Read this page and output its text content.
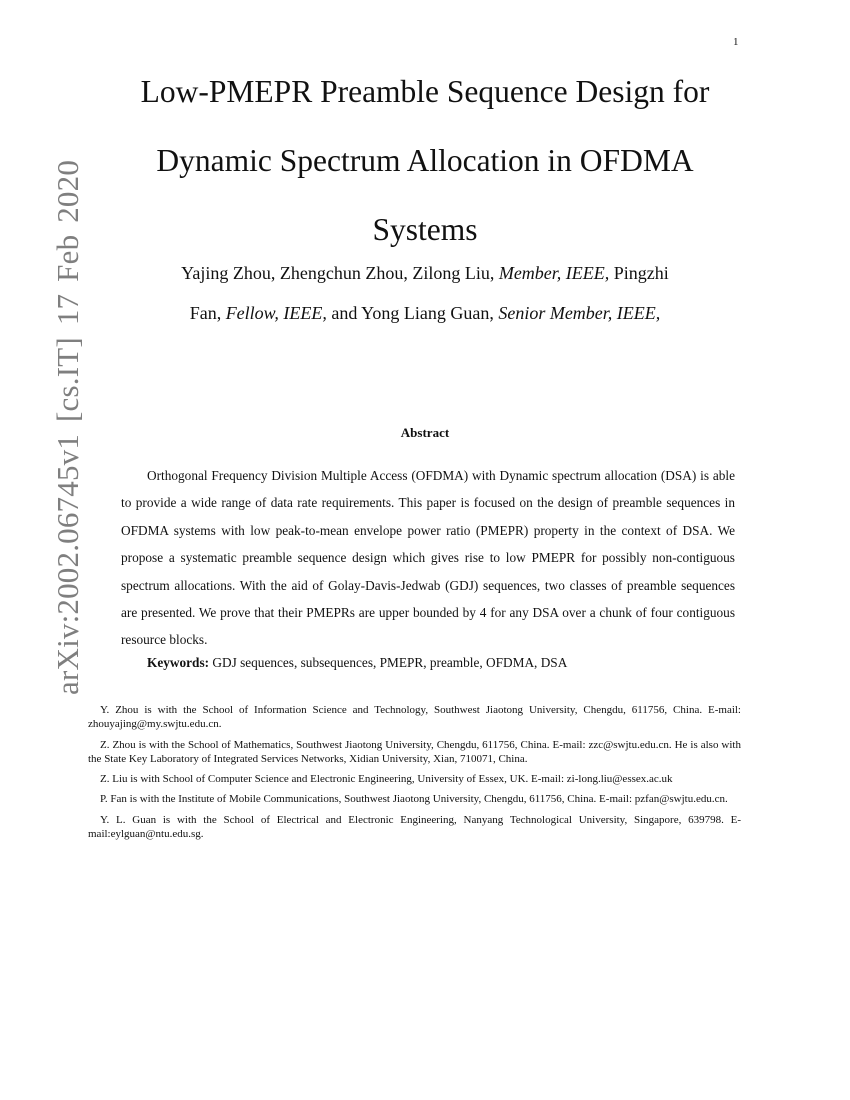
1
arXiv:2002.06745v1 [cs.IT] 17 Feb 2020
Low-PMEPR Preamble Sequence Design for
Dynamic Spectrum Allocation in OFDMA
Systems
Yajing Zhou, Zhengchun Zhou, Zilong Liu, Member, IEEE, Pingzhi
Fan, Fellow, IEEE, and Yong Liang Guan, Senior Member, IEEE,
Abstract

Orthogonal Frequency Division Multiple Access (OFDMA) with Dynamic spectrum allocation (DSA) is able to provide a wide range of data rate requirements. This paper is focused on the design of preamble sequences in OFDMA systems with low peak-to-mean envelope power ratio (PMEPR) property in the context of DSA. We propose a systematic preamble sequence design which gives rise to low PMEPR for possibly non-contiguous spectrum allocations. With the aid of Golay-Davis-Jedwab (GDJ) sequences, two classes of preamble sequences are presented. We prove that their PMEPRs are upper bounded by 4 for any DSA over a chunk of four contiguous resource blocks.

Keywords: GDJ sequences, subsequences, PMEPR, preamble, OFDMA, DSA

Y. Zhou is with the School of Information Science and Technology, Southwest Jiaotong University, Chengdu, 611756, China. E-mail: zhouyajing@my.swjtu.edu.cn.

Z. Zhou is with the School of Mathematics, Southwest Jiaotong University, Chengdu, 611756, China. E-mail: zzc@swjtu.edu.cn. He is also with the State Key Laboratory of Integrated Services Networks, Xidian University, Xian, 710071, China.

Z. Liu is with School of Computer Science and Electronic Engineering, University of Essex, UK. E-mail: zi-long.liu@essex.ac.uk

P. Fan is with the Institute of Mobile Communications, Southwest Jiaotong University, Chengdu, 611756, China. E-mail: pzfan@swjtu.edu.cn.

Y. L. Guan is with the School of Electrical and Electronic Engineering, Nanyang Technological University, Singapore, 639798. E-mail:eylguan@ntu.edu.sg.
